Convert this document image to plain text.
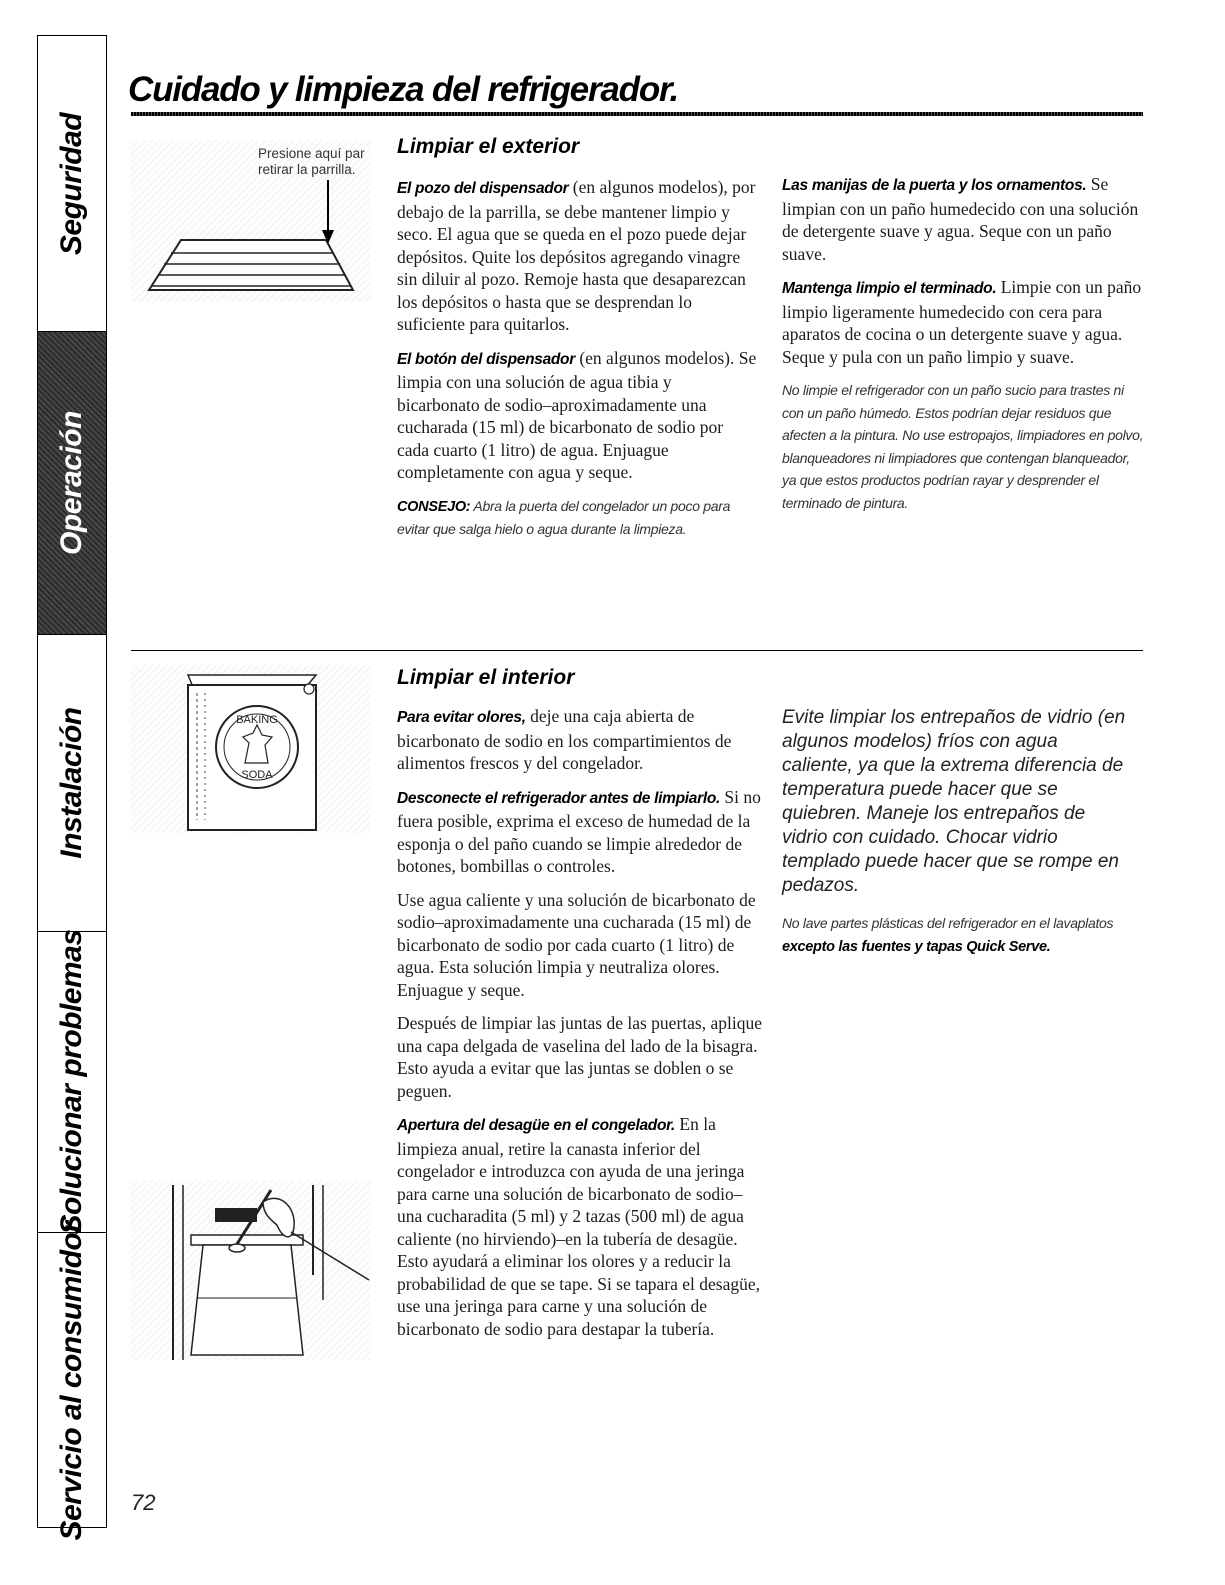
Seguridad
Operación
Instalación
Solucionar problemas
Servicio al consumidor
Cuidado y limpieza del refrigerador.
Presione aquí par retirar la parrilla.
Limpiar el exterior

El pozo del dispensador (en algunos modelos), por debajo de la parrilla, se debe mantener limpio y seco. El agua que se queda en el pozo puede dejar depósitos. Quite los depósitos agregando vinagre sin diluir al pozo. Remoje hasta que desaparezcan los depósitos o hasta que se desprendan lo suficiente para quitarlos.

El botón del dispensador (en algunos modelos). Se limpia con una solución de agua tibia y bicarbonato de sodio–aproximadamente una cucharada (15 ml) de bicarbonato de sodio por cada cuarto (1 litro) de agua. Enjuague completamente con agua y seque.

CONSEJO: Abra la puerta del congelador un poco para evitar que salga hielo o agua durante la limpieza.

Las manijas de la puerta y los ornamentos. Se limpian con un paño humedecido con una solución de detergente suave y agua. Seque con un paño suave.

Mantenga limpio el terminado. Limpie con un paño limpio ligeramente humedecido con cera para aparatos de cocina o un detergente suave y agua. Seque y pula con un paño limpio y suave.

No limpie el refrigerador con un paño sucio para trastes ni con un paño húmedo. Estos podrían dejar residuos que afecten a la pintura. No use estropajos, limpiadores en polvo, blanqueadores ni limpiadores que contengan blanqueador, ya que estos productos podrían rayar y desprender el terminado de pintura.

BAKING
SODA
Limpiar el interior

Para evitar olores, deje una caja abierta de bicarbonato de sodio en los compartimientos de alimentos frescos y del congelador.

Desconecte el refrigerador antes de limpiarlo. Si no fuera posible, exprima el exceso de humedad de la esponja o del paño cuando se limpie alrededor de botones, bombillas o controles.

Use agua caliente y una solución de bicarbonato de sodio–aproximadamente una cucharada (15 ml) de bicarbonato de sodio por cada cuarto (1 litro) de agua. Esta solución limpia y neutraliza olores. Enjuague y seque.

Después de limpiar las juntas de las puertas, aplique una capa delgada de vaselina del lado de la bisagra. Esto ayuda a evitar que las juntas se doblen o se peguen.

Apertura del desagüe en el congelador. En la limpieza anual, retire la canasta inferior del congelador e introduzca con ayuda de una jeringa para carne una solución de bicarbonato de sodio–una cucharadita (5 ml) y 2 tazas (500 ml) de agua caliente (no hirviendo)–en la tubería de desagüe. Esto ayudará a eliminar los olores y a reducir la probabilidad de que se tape. Si se tapara el desagüe, use una jeringa para carne y una solución de bicarbonato de sodio para destapar la tubería.

Evite limpiar los entrepaños de vidrio (en algunos modelos) fríos con agua caliente, ya que la extrema diferencia de temperatura puede hacer que se quiebren. Maneje los entrepaños de vidrio con cuidado. Chocar vidrio templado puede hacer que se rompe en pedazos.

No lave partes plásticas del refrigerador en el lavaplatos excepto las fuentes y tapas Quick Serve.

72
